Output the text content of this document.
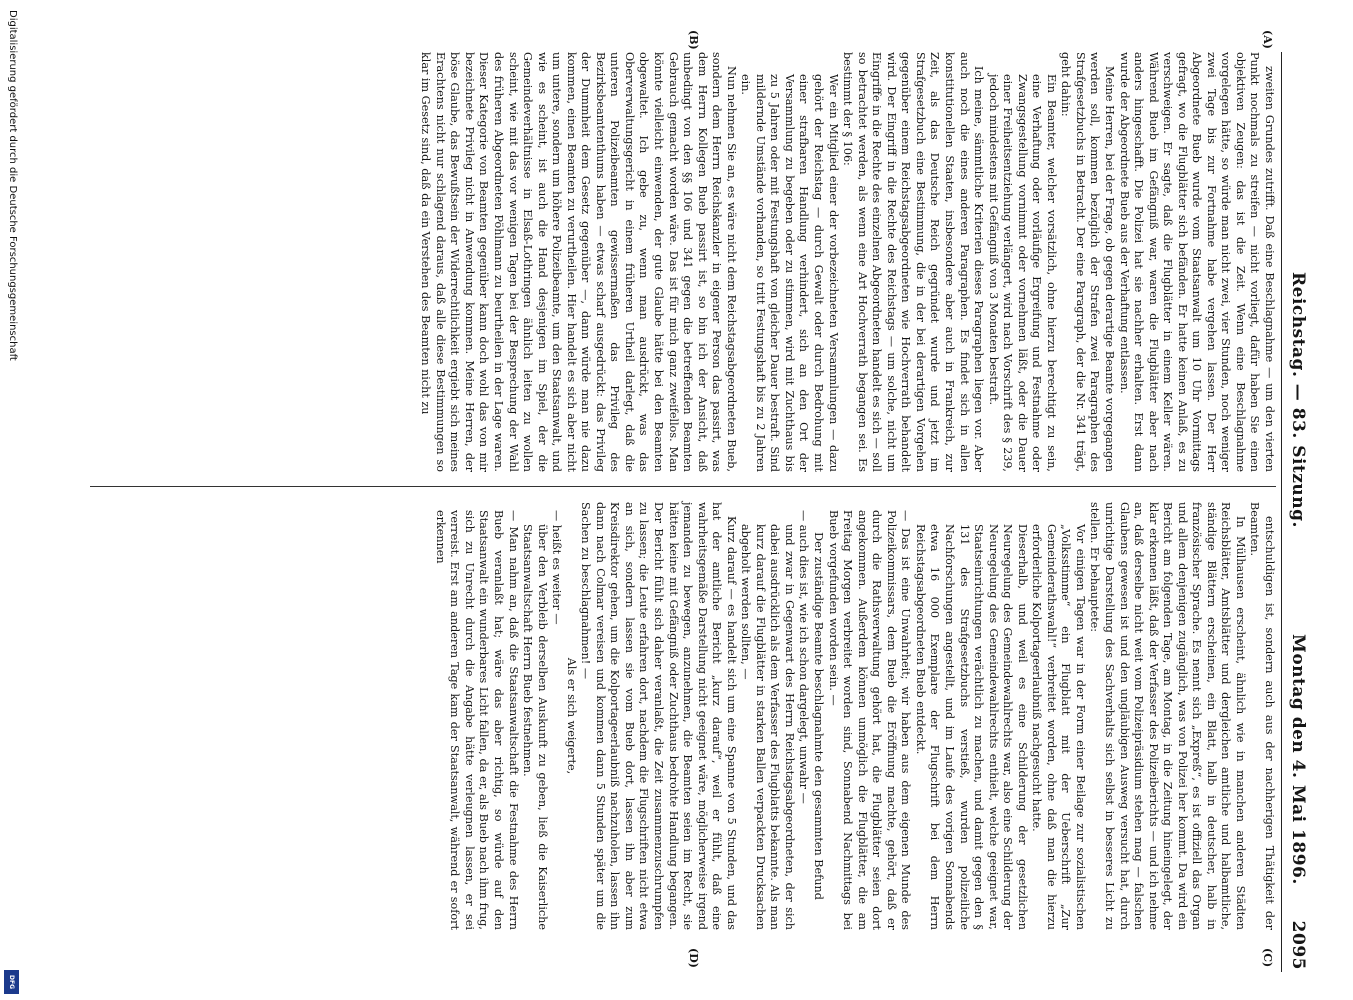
Reichstag. — 83. Sitzung.
Montag den 4. Mai 1896.
2095
(A)
(B)
(C)
(D)

zweiten Grundes zutrifft. Daß eine Beschlagnahme — um den vierten Punkt nochmals zu streifen — nicht vorliegt, dafür haben Sie einen objektiven Zeugen: das ist die Zeit. Wenn eine Beschlagnahme vorgelegen hätte, so würde man nicht zwei, vier Stunden, noch weniger zwei Tage bis zur Fortnahme habe vergehen lassen. Der Herr Abgeordnete Bueb wurde vom Staatsanwalt um 10 Uhr Vormittags gefragt, wo die Flugblätter sich befänden. Er hatte keinen Anlaß, es zu verschweigen. Er sagte, daß die Flugblätter in einem Keller wären. Während Bueb im Gefängniß war, waren die Flugblätter aber nach anders hingeschafft. Die Polizei hat sie nachher erhalten. Erst dann wurde der Abgeordnete Bueb aus der Verhaftung entlassen.

Meine Herren, bei der Frage, ob gegen derartige Beamte vorgegangen werden soll, kommen bezüglich der Strafen zwei Paragraphen des Strafgesetzbuchs in Betracht. Der eine Paragraph, der die Nr. 341 trägt, geht dahin:

Ein Beamter, welcher vorsätzlich, ohne hierzu berechtigt zu sein, eine Verhaftung oder vorläufige Ergreifung und Festnahme oder Zwangsgestellung vornimmt oder vornehmen läßt, oder die Dauer einer Freiheitsentziehung verlängert, wird nach Vorschrift des § 239, jedoch mindestens mit Gefängniß von 3 Monaten bestraft.

Ich meine, sämmtliche Kriterien dieses Paragraphen liegen vor. Aber auch noch die eines anderen Paragraphen. Es findet sich in allen konstitutionellen Staaten, insbesondere aber auch in Frankreich, zur Zeit, als das Deutsche Reich gegründet wurde und jetzt im Strafgesetzbuch eine Bestimmung, die in der bei derartigen Vorgehen gegenüber einem Reichstagsabgeordneten wie Hochverrath behandelt wird. Der Eingriff in die Rechte des Reichstags — um solche, nicht um Eingriffe in die Rechte des einzelnen Abgeordneten handelt es sich — soll so betrachtet werden, als wenn eine Art Hochverrath begangen sei. Es bestimmt der § 106:

Wer ein Mitglied einer der vorbezeichneten Versammlungen — dazu gehört der Reichstag — durch Gewalt oder durch Bedrohung mit einer strafbaren Handlung verhindert, sich an den Ort der Versammlung zu begeben oder zu stimmen, wird mit Zuchthaus bis zu 5 Jahren oder mit Festungshaft von gleicher Dauer bestraft. Sind mildernde Umstände vorhanden, so tritt Festungshaft bis zu 2 Jahren ein.

Nun nehmen Sie an, es wäre nicht dem Reichstagsabgeordneten Bueb, sondern dem Herrn Reichskanzler in eigener Person das passirt, was dem Herrn Kollegen Bueb passirt ist, so bin ich der Ansicht, daß unbedingt von den §§ 106 und 341 gegen die betreffenden Beamten Gebrauch gemacht worden wäre. Das ist für mich ganz zweifellos. Man könnte vielleicht einwenden, der gute Glaube hätte bei den Beamten obgewaltet. Ich gebe zu, wenn man ausdrückt, was das Oberverwaltungsgericht in einem früheren Urtheil darlegt, daß die unteren Polizeibeamten gewissermaßen das Privileg des Bezirksbeamtenthums haben — etwas scharf ausgedrückt: das Privileg der Dummheit dem Gesetz gegenüber —, dann würde man nie dazu kommen, einen Beamten zu verurtheilen. Hier handelt es sich aber nicht um untere, sondern um höhere Polizeibeamte, um den Staatsanwalt, und wie es scheint, ist auch die Hand desjenigen im Spiel, der die Gemeindeverhältnisse in Elsaß-Lothringen ähnlich leiten zu wollen scheint, wie mit das vor wenigen Tagen bei der Besprechung der Wahl des früheren Abgeordneten Pöhlmann zu beurtheilen in der Lage waren. Dieser Kategorie von Beamten gegenüber kann doch wohl das von mir bezeichnete Privileg nicht in Anwendung kommen. Meine Herren, der böse Glaube, das Bewußtsein der Widerrechtlichkeit ergiebt sich meines Erachtens nicht nur schlagend daraus, daß alle diese Bestimmungen so klar im Gesetz sind, daß da ein Verstehen des Beamten nicht zu

entschuldigen ist, sondern auch aus der nachherigen Thätigkeit der Beamten.

In Mülhausen erscheint, ähnlich wie in manchen anderen Städten Reichsblätter, Amtsblätter und dergleichen amtliche und halbamtliche, ständige Blättern erscheinen, ein Blatt, halb in deutscher, halb in französischer Sprache. Es nennt sich „Expreß“, es ist offiziell das Organ und allem denjenigen zugänglich, was von Polizei her kommt. Da wird ein Bericht am folgenden Tage, am Montag, in die Zeitung hineingelegt, der klar erkennen läßt, daß der Verfasser des Polizeiberichts — und ich nehme an, daß derselbe nicht weit vom Polizeipräsidium stehen mag — falschen Glaubens gewesen ist und den ungläubigen Ausweg versucht hat, durch unrichtige Darstellung des Sachverhalts sich selbst in besseres Licht zu stellen. Er behauptete:

Vor einigen Tagen war in der Form einer Beilage zur sozialistischen „Volksstimme“ ein Flugblatt mit der Ueberschrift „Zur Gemeinderathswahl!“ verbreitet worden, ohne daß man die hierzu erforderliche Kolportageerlaubniß nachgesucht hatte.

Dieserhalb, und weil es eine Schilderung der gesetzlichen Neuregelung des Gemeindewahlrechts war, also eine Schilderung der Neuregelung des Gemeindewahlrechts enthielt, welche geeignet war, Staatseinrichtungen verächtlich zu machen, und damit gegen den § 131 des Strafgesetzbuchs verstieß, wurden polizeiliche Nachforschungen angestellt, und im Laufe des vorigen Sonnabends etwa 16 000 Exemplare der Flugschrift bei dem Herrn Reichstagsabgeordneten Bueb entdeckt.

— Das ist eine Unwahrheit; wir haben aus dem eigenen Munde des Polizeikommissars, dem Bueb die Eröffnung machte, gehört, daß er durch die Rathsverwaltung gehört hat, die Flugblätter seien dort angekommen. Außerdem können unmöglich die Flugblätter, die am Freitag Morgen verbreitet worden sind, Sonnabend Nachmittags bei Bueb vorgefunden worden sein. —

Der zuständige Beamte beschlagnahmte den gesammten Befund

— auch dies ist, wie ich schon dargelegt, unwahr —

und zwar in Gegenwart des Herrn Reichstagsabgeordneten, der sich dabei ausdrücklich als dem Verfasser des Flugblatts bekannte. Als man kurz darauf die Flugblätter in starken Ballen verpackten Drucksachen abgeholt werden sollten, —

Kurz darauf — es handelt sich um eine Spanne von 5 Stunden, und das hat der amtliche Bericht „kurz darauf“, weil er fühlt, daß eine wahrheitsgemäße Darstellung nicht geeignet wäre, möglicherweise irgend jemanden zu bewegen, anzunehmen, die Beamten seien im Recht, sie hätten keine mit Gefängniß oder Zuchthaus bedrohte Handlung begangen. Der Bericht fühlt sich daher veranlaßt, die Zeit zusammenzuschrumpfen zu lassen; die Leute erfahren dort, nachdem die Flugschriften nicht etwa an sich, sondern lassen sie vom Bueb dort, lassen ihn aber zum Kreisdirektor gehen, um die Kolportageerlaubniß nachzuholen, lassen ihn dann nach Colmar vereisen und kommen dann 5 Stunden später um die Sachen zu beschlagnahmen! —

Als er sich weigerte,

— heißt es weiter —

über den Verbleib derselben Auskunft zu geben, ließ die Kaiserliche Staatsanwaltschaft Herrn Bueb festnehmen.

— Man nahm an, daß die Staatsanwaltschaft die Festnahme des Herrn Bueb veranlaßt hat; wäre das aber richtig, so würde auf den Staatsanwalt ein wunderbares Licht fallen, da er, als Bueb nach ihm frug, sich zu Unrecht durch die Angabe hätte verleugnen lassen, er sei verreist. Erst am anderen Tage kam der Staatsanwalt, während er sofort erkennen

Digitalisierung gefördert durch die Deutsche Forschungsgemeinschaft
DFG
